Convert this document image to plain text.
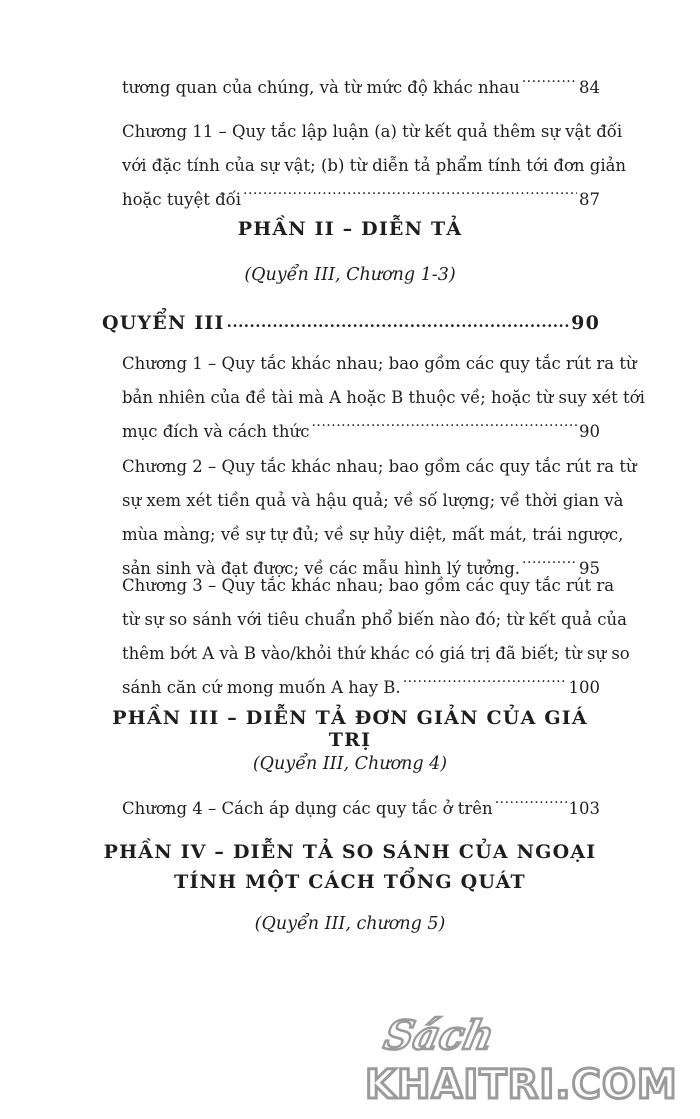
tương quan của chúng, và từ mức độ khác nhau .....	84
Chương 11 – Quy tắc lập luận (a) từ kết quả thêm sự vật đối
với đặc tính của sự vật; (b) từ diễn tả phẩm tính tới đơn giản
hoặc tuyệt đối .....	87
PHẦN II – DIỄN TẢ
(Quyển III, Chương 1-3)
QUYỂN III .....	90
Chương 1 – Quy tắc khác nhau; bao gồm các quy tắc rút ra từ
bản nhiên của đề tài mà A hoặc B thuộc về; hoặc từ suy xét tới
mục đích và cách thức .....	90
Chương 2 – Quy tắc khác nhau; bao gồm các quy tắc rút ra từ
sự xem xét tiền quả và hậu quả; về số lượng; về thời gian và
mùa màng; về sự tự đủ; về sự hủy diệt, mất mát, trái ngược,
sản sinh và đạt được; về các mẫu hình lý tưởng. .....	95
Chương 3 – Quy tắc khác nhau; bao gồm các quy tắc rút ra
từ sự so sánh với tiêu chuẩn phổ biến nào đó; từ kết quả của
thêm bớt A và B vào/khỏi thứ khác có giá trị đã biết; từ sự so
sánh căn cứ mong muốn A hay B. .....	100
PHẦN III – DIỄN TẢ ĐƠN GIẢN CỦA GIÁ TRỊ
(Quyển III, Chương 4)
Chương 4 – Cách áp dụng các quy tắc ở trên .....	103
PHẦN IV – DIỄN TẢ SO SÁNH CỦA NGOẠI
TÍNH MỘT CÁCH TỔNG QUÁT
(Quyển III, chương 5)
Sách
KHAITRI.COM
